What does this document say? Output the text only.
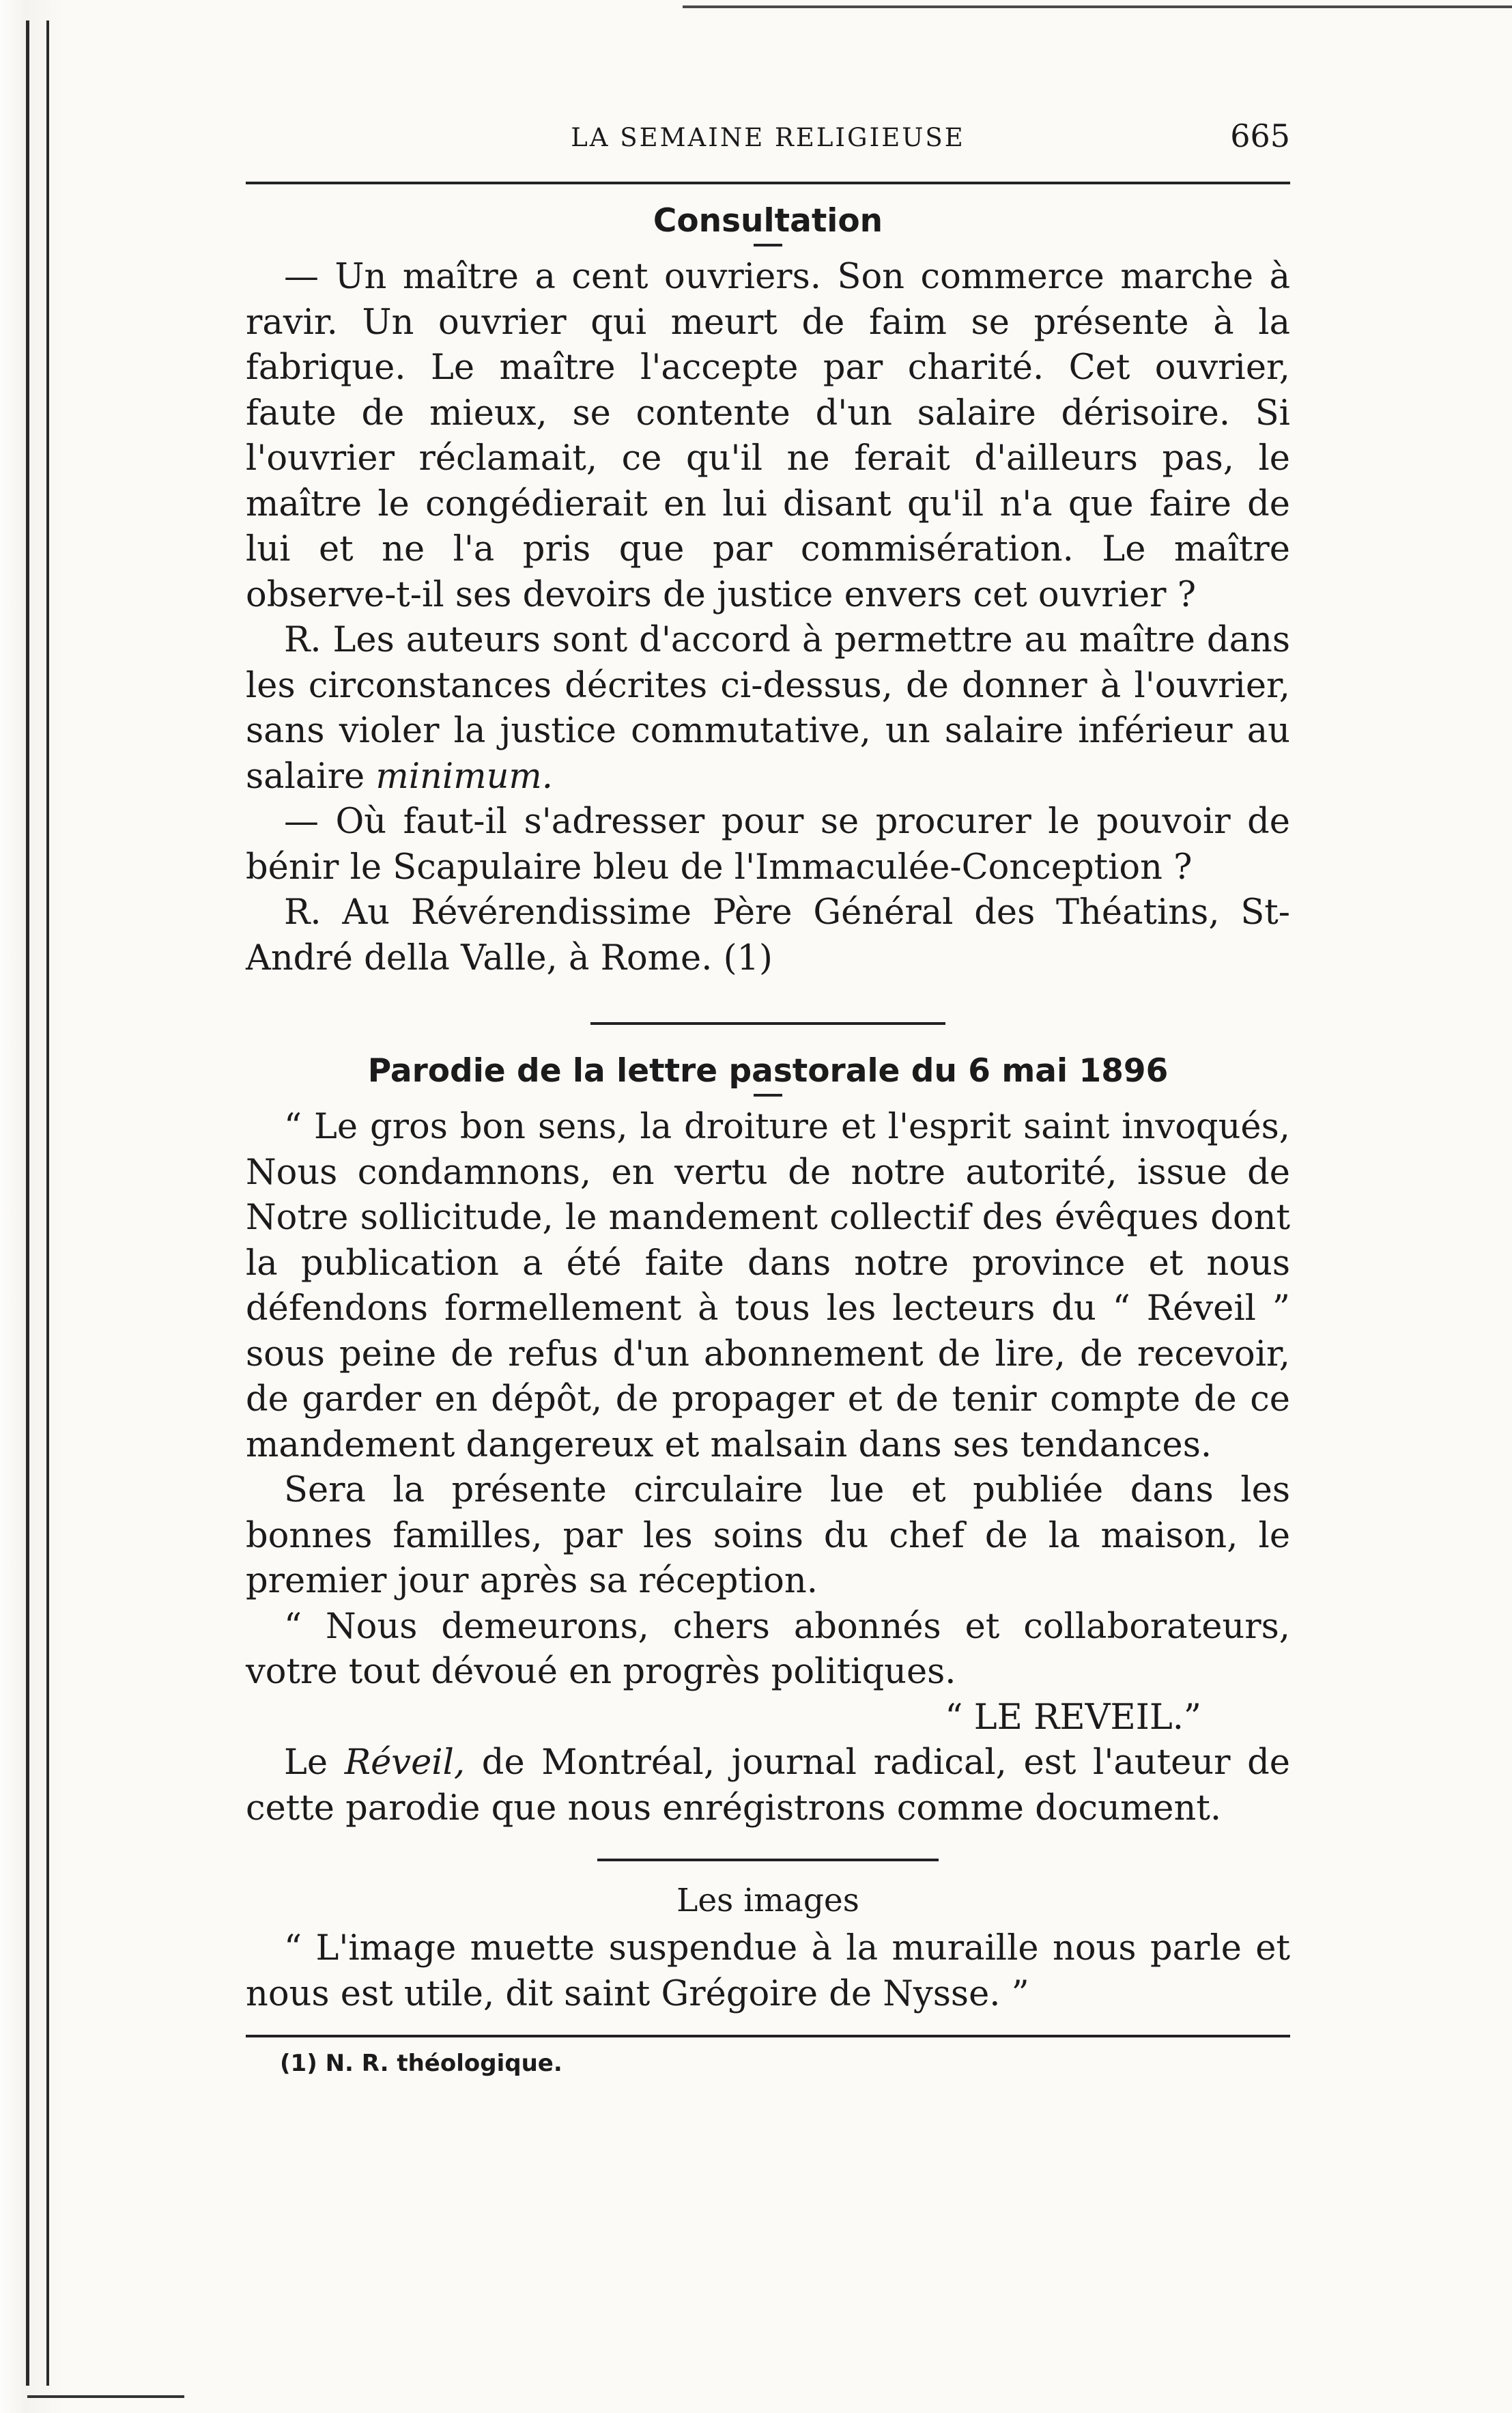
LA SEMAINE RELIGIEUSE	665
Consultation

— Un maître a cent ouvriers. Son commerce marche à ravir. Un ouvrier qui meurt de faim se présente à la fabrique. Le maître l'accepte par charité. Cet ouvrier, faute de mieux, se contente d'un salaire dérisoire. Si l'ouvrier réclamait, ce qu'il ne ferait d'ailleurs pas, le maître le congédierait en lui disant qu'il n'a que faire de lui et ne l'a pris que par commisération. Le maître observe-t-il ses devoirs de justice envers cet ouvrier ?

R. Les auteurs sont d'accord à permettre au maître dans les circonstances décrites ci-dessus, de donner à l'ouvrier, sans violer la justice commutative, un salaire inférieur au salaire minimum.

— Où faut-il s'adresser pour se procurer le pouvoir de bénir le Scapulaire bleu de l'Immaculée-Conception ?

R. Au Révérendissime Père Général des Théatins, St-André della Valle, à Rome. (1)

Parodie de la lettre pastorale du 6 mai 1896

“ Le gros bon sens, la droiture et l'esprit saint invoqués, Nous condamnons, en vertu de notre autorité, issue de Notre sollicitude, le mandement collectif des évêques dont la publication a été faite dans notre province et nous défendons formellement à tous les lecteurs du “ Réveil ” sous peine de refus d'un abonnement de lire, de recevoir, de garder en dépôt, de propager et de tenir compte de ce mandement dangereux et malsain dans ses tendances.

Sera la présente circulaire lue et publiée dans les bonnes familles, par les soins du chef de la maison, le premier jour après sa réception.

“ Nous demeurons, chers abonnés et collaborateurs, votre tout dévoué en progrès politiques.

“ LE REVEIL.”

Le Réveil, de Montréal, journal radical, est l'auteur de cette parodie que nous enrégistrons comme document.

Les images

“ L'image muette suspendue à la muraille nous parle et nous est utile, dit saint Grégoire de Nysse. ”

(1) N. R. théologique.
